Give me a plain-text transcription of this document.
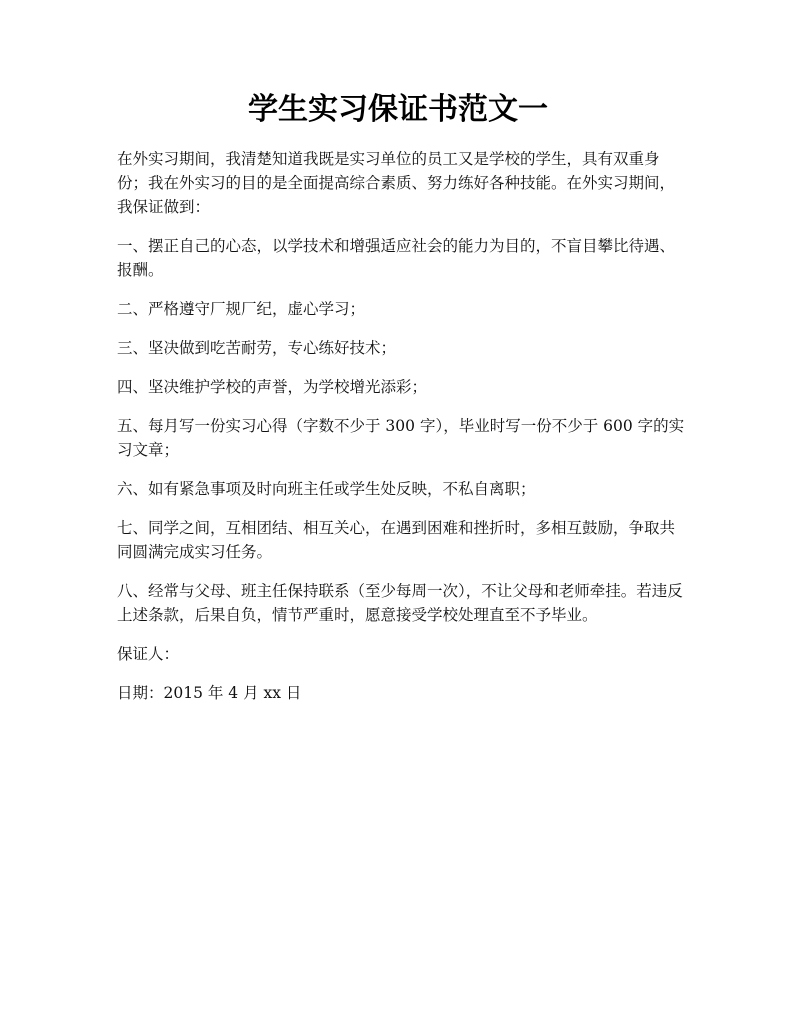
学生实习保证书范文一

在外实习期间，我清楚知道我既是实习单位的员工又是学校的学生，具有双重身份；我在外实习的目的是全面提高综合素质、努力练好各种技能。在外实习期间，我保证做到：

一、摆正自己的心态，以学技术和增强适应社会的能力为目的，不盲目攀比待遇、报酬。

二、严格遵守厂规厂纪，虚心学习；

三、坚决做到吃苦耐劳，专心练好技术；

四、坚决维护学校的声誉，为学校增光添彩；

五、每月写一份实习心得（字数不少于 300 字），毕业时写一份不少于 600 字的实习文章；

六、如有紧急事项及时向班主任或学生处反映，不私自离职；

七、同学之间，互相团结、相互关心，在遇到困难和挫折时，多相互鼓励，争取共同圆满完成实习任务。

八、经常与父母、班主任保持联系（至少每周一次），不让父母和老师牵挂。若违反上述条款，后果自负，情节严重时，愿意接受学校处理直至不予毕业。

保证人：

日期：2015 年 4 月 xx 日
